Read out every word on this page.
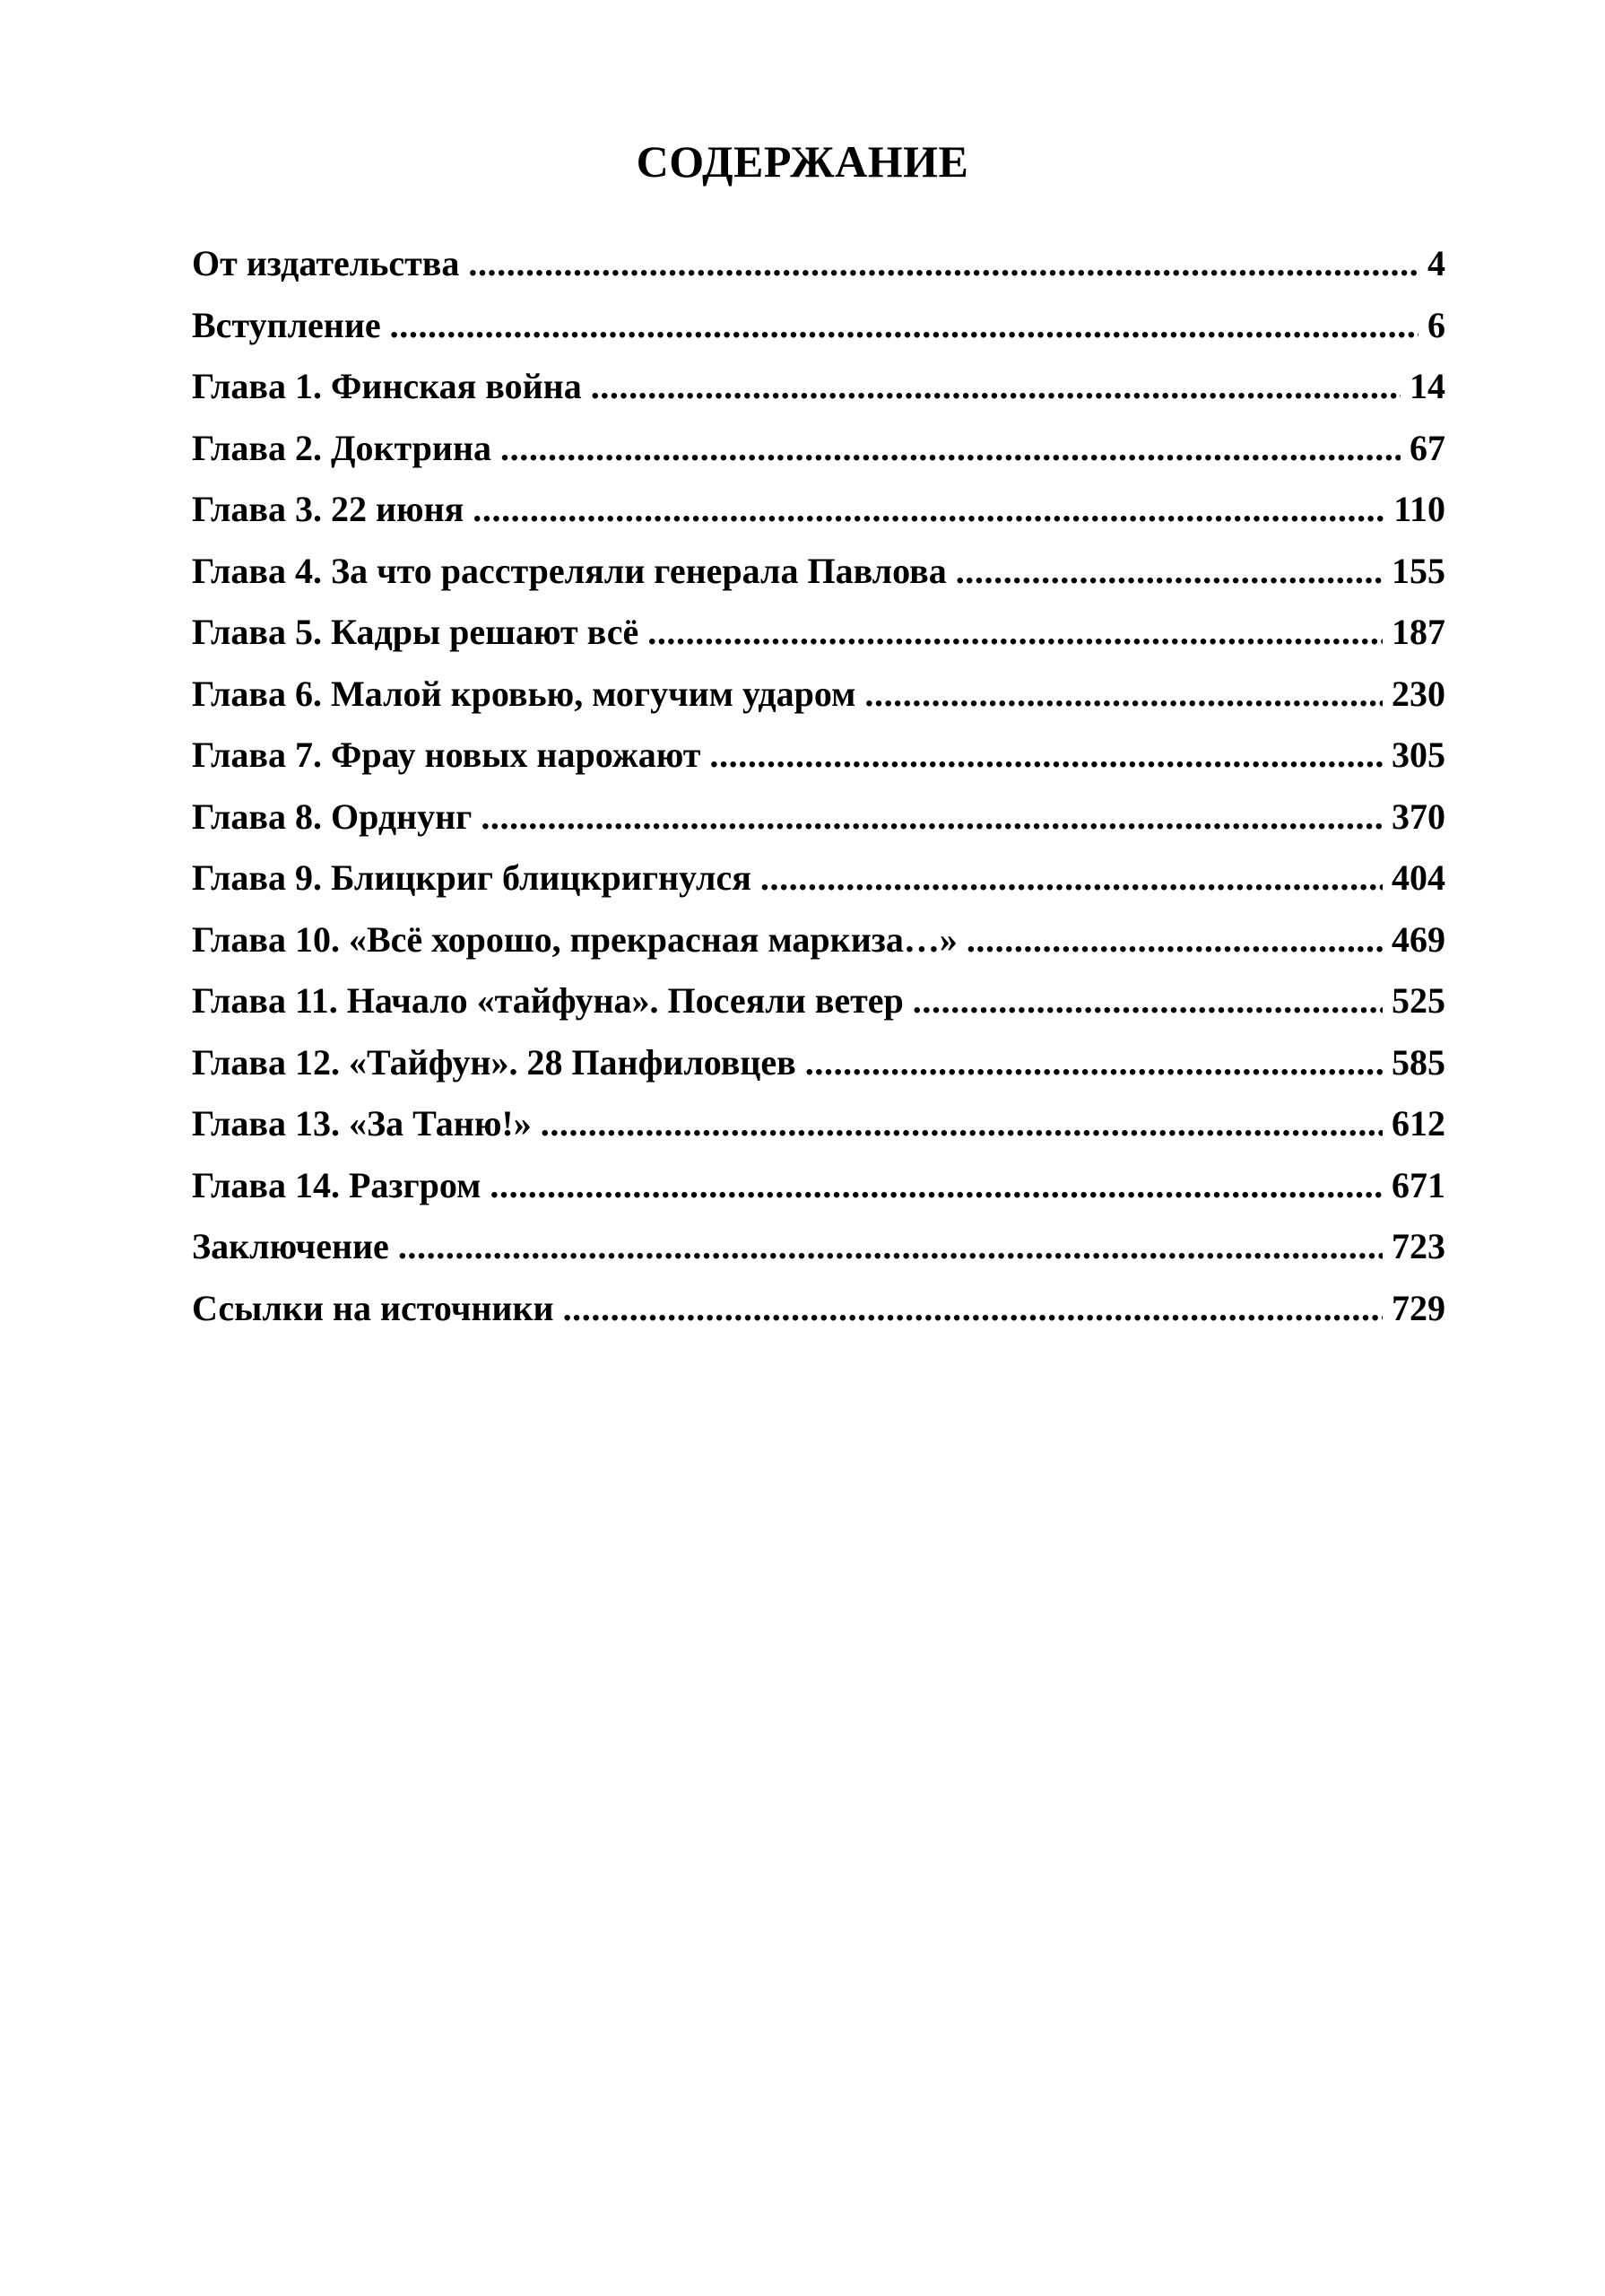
СОДЕРЖАНИЕ
От издательства .....	4
Вступление .....	6
Глава 1. Финская война .....	14
Глава 2. Доктрина .....	67
Глава 3. 22 июня .....	110
Глава 4. За что расстреляли генерала Павлова .....	155
Глава 5. Кадры решают всё .....	187
Глава 6. Малой кровью, могучим ударом .....	230
Глава 7. Фрау новых нарожают .....	305
Глава 8. Орднунг .....	370
Глава 9. Блицкриг блицкригнулся .....	404
Глава 10. «Всё хорошо, прекрасная маркиза…» .....	469
Глава 11. Начало «тайфуна». Посеяли ветер .....	525
Глава 12. «Тайфун». 28 Панфиловцев .....	585
Глава 13. «За Таню!» .....	612
Глава 14. Разгром .....	671
Заключение .....	723
Ссылки на источники .....	729
